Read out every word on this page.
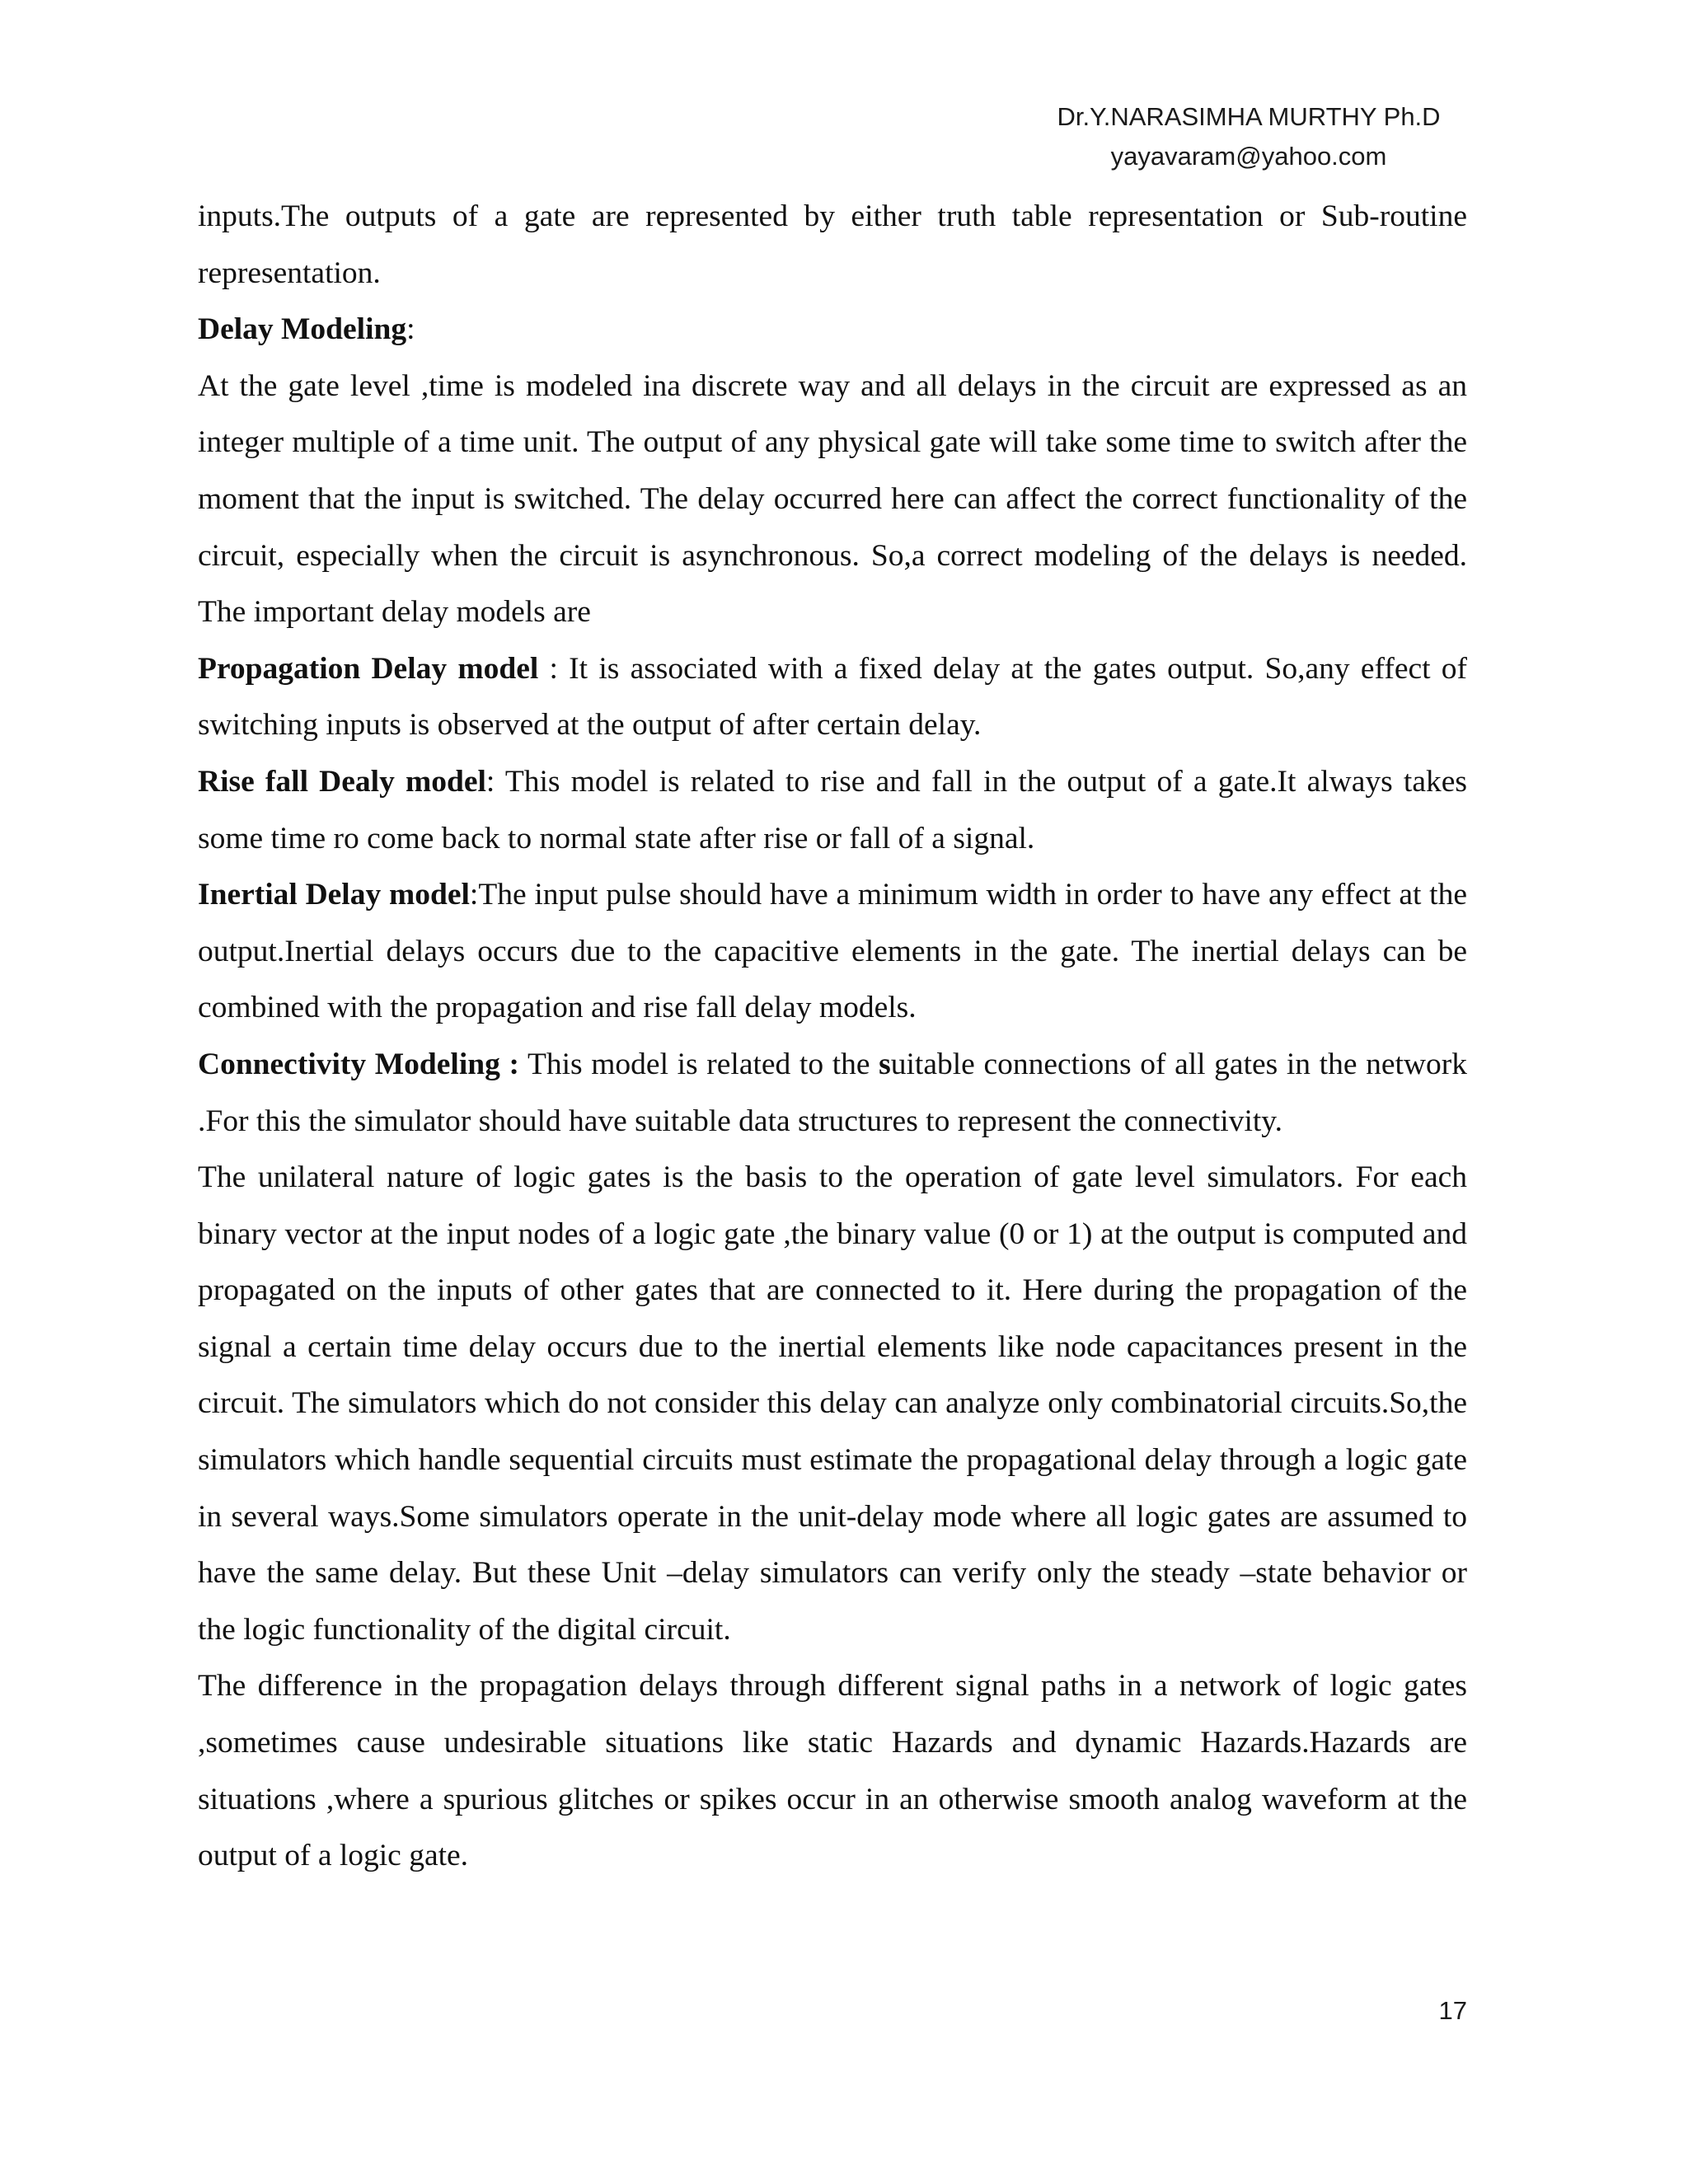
Dr.Y.NARASIMHA MURTHY Ph.D
yayavaram@yahoo.com

inputs.The outputs of a gate are represented by either truth table representation or Sub-routine representation.

Delay Modeling:

At the gate level ,time is modeled ina discrete way and all delays in the circuit are expressed as an integer multiple of a time unit. The output of any physical gate will take some time to switch after the moment that the input is switched. The delay occurred here can affect the correct functionality of the circuit, especially when the circuit is asynchronous. So,a correct modeling of the delays is needed. The important delay models are

Propagation Delay model : It is associated with a fixed delay at the gates output. So,any effect of switching inputs is observed at the output of after certain delay.

Rise fall Dealy model: This model is related to rise and fall in the output of a gate.It always takes some time ro come back to normal state after rise or fall of a signal.

Inertial Delay model:The input pulse should have a minimum width in order to have any effect at the output.Inertial delays occurs due to the capacitive elements in the gate. The inertial delays can be combined with the propagation and rise fall delay models.

Connectivity Modeling : This model is related to the suitable connections of all gates in the network .For this the simulator should have suitable data structures to represent the connectivity.

The unilateral nature of logic gates is the basis to the operation of gate level simulators. For each binary vector at the input nodes of a logic gate ,the binary value (0 or 1) at the output is computed and propagated on the inputs of other gates that are connected to it. Here during the propagation of the signal a certain time delay occurs due to the inertial elements like node capacitances present in the circuit. The simulators which do not consider this delay can analyze only combinatorial circuits.So,the simulators which handle sequential circuits must estimate the propagational delay through a logic gate in several ways.Some simulators operate in the unit-delay mode where all logic gates are assumed to have the same delay. But these Unit –delay simulators can verify only the steady –state behavior or the logic functionality of the digital circuit.

The difference in the propagation delays through different signal paths in a network of logic gates ,sometimes cause undesirable situations like static Hazards and dynamic Hazards.Hazards are situations ,where a spurious glitches or spikes occur in an otherwise smooth analog waveform at the output of a logic gate.

17
